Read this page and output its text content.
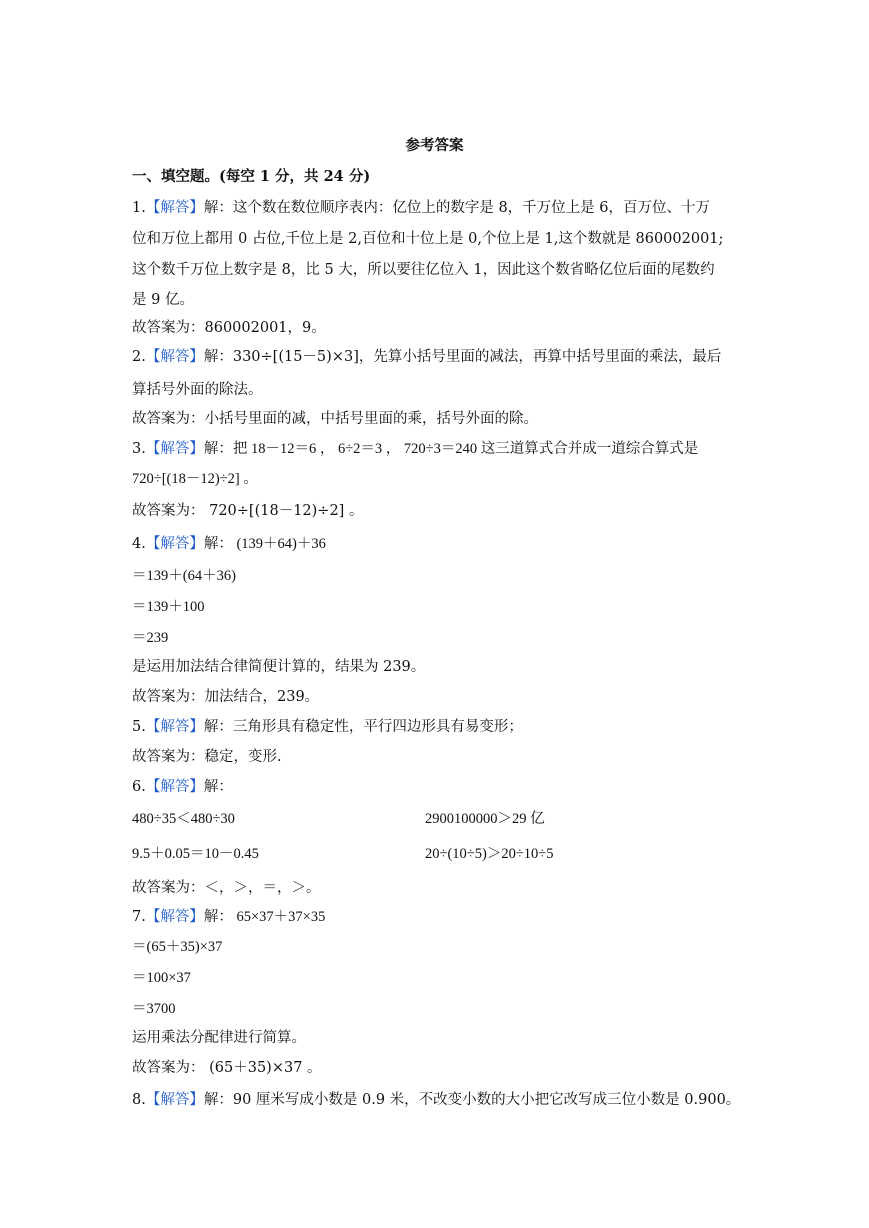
参考答案
一、填空题。(每空 1 分，共 24 分)
1.【解答】解：这个数在数位顺序表内：亿位上的数字是 8，千万位上是 6，百万位、十万
位和万位上都用 0 占位,千位上是 2,百位和十位上是 0,个位上是 1,这个数就是 860002001;
这个数千万位上数字是 8，比 5 大，所以要往亿位入 1，因此这个数省略亿位后面的尾数约
是 9 亿。
故答案为：860002001，9。
2.【解答】解：330÷[(15－5)×3]，先算小括号里面的减法，再算中括号里面的乘法，最后
算括号外面的除法。
故答案为：小括号里面的减，中括号里面的乘，括号外面的除。
3.【解答】解：把 18－12＝6 ， 6÷2＝3 ， 720÷3＝240 这三道算式合并成一道综合算式是
720÷[(18－12)÷2] 。
故答案为： 720÷[(18－12)÷2] 。
4.【解答】解： (139＋64)＋36
＝139＋(64＋36)
＝139＋100
＝239
是运用加法结合律简便计算的，结果为 239。
故答案为：加法结合，239。
5.【解答】解：三角形具有稳定性，平行四边形具有易变形；
故答案为：稳定，变形.
6.【解答】解：
480÷35＜480÷30	2900100000＞29 亿
9.5＋0.05＝10－0.45	20÷(10÷5)＞20÷10÷5
故答案为：＜，＞，＝，＞。
7.【解答】解： 65×37＋37×35
＝(65＋35)×37
＝100×37
＝3700
运用乘法分配律进行简算。
故答案为： (65＋35)×37 。
8.【解答】解：90 厘米写成小数是 0.9 米，不改变小数的大小把它改写成三位小数是 0.900。
